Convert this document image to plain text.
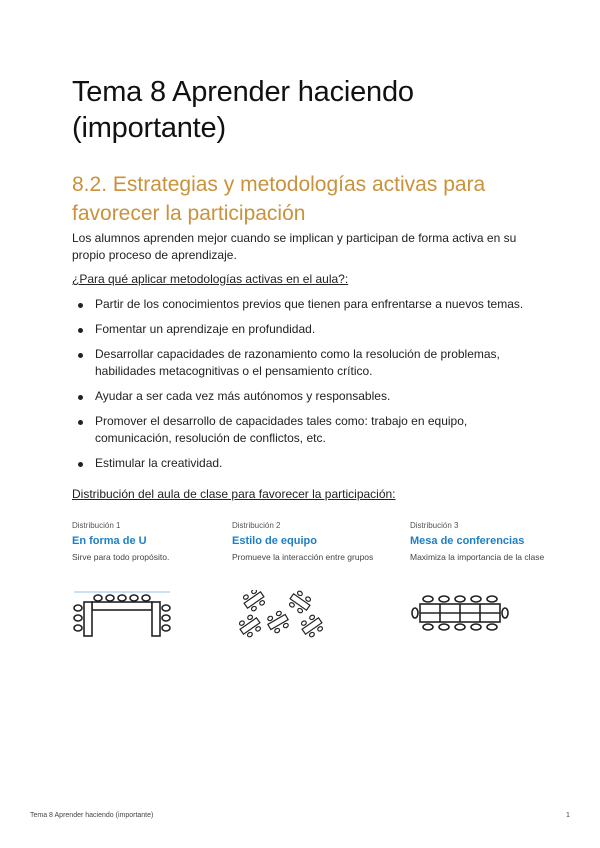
Tema 8 Aprender haciendo (importante)
8.2. Estrategias y metodologías activas para favorecer la participación

Los alumnos aprenden mejor cuando se implican y participan de forma activa en su propio proceso de aprendizaje.

¿Para qué aplicar metodologías activas en el aula?:

Partir de los conocimientos previos que tienen para enfrentarse a nuevos temas.
Fomentar un aprendizaje en profundidad.
Desarrollar capacidades de razonamiento como la resolución de problemas, habilidades metacognitivas o el pensamiento crítico.
Ayudar a ser cada vez más autónomos y responsables.
Promover el desarrollo de capacidades tales como: trabajo en equipo, comunicación, resolución de conflictos, etc.
Estimular la creatividad.

Distribución del aula de clase para favorecer la participación:

Distribución 1
En forma de U
Sirve para todo propósito.
Distribución 2
Estilo de equipo
Promueve la interacción entre grupos
Distribución 3
Mesa de conferencias
Maximiza la importancia de la clase
Tema 8 Aprender haciendo (importante)	1
